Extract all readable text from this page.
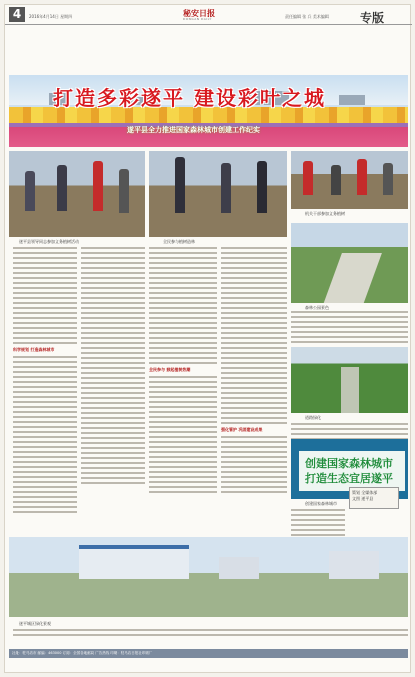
4	2016年4月14日 星期四	秘安日报
DONGAN DAILY	责任编辑 张 兵 美术编辑	专版
打造多彩遂平 建设彩叶之城
遂平县全力推进国家森林城市创建工作纪实
遂平县领导同志参加义务植树活动	全民参与植树造林
机关干部参加义务植树
科学规划 打造森林城市
全民参与 掀起植树热潮
强化管护 巩固建设成果
森林公园景色
道路绿化
创建国家森林城市
打造生态宜居遂平
创建国家森林城市
策划 全媒体部
文图 遂平县
遂平城区绿化景观
社址：驻马店市 邮编：463000 订阅：全国各地邮局 广告热线 印刷：驻马店日报社印刷厂
